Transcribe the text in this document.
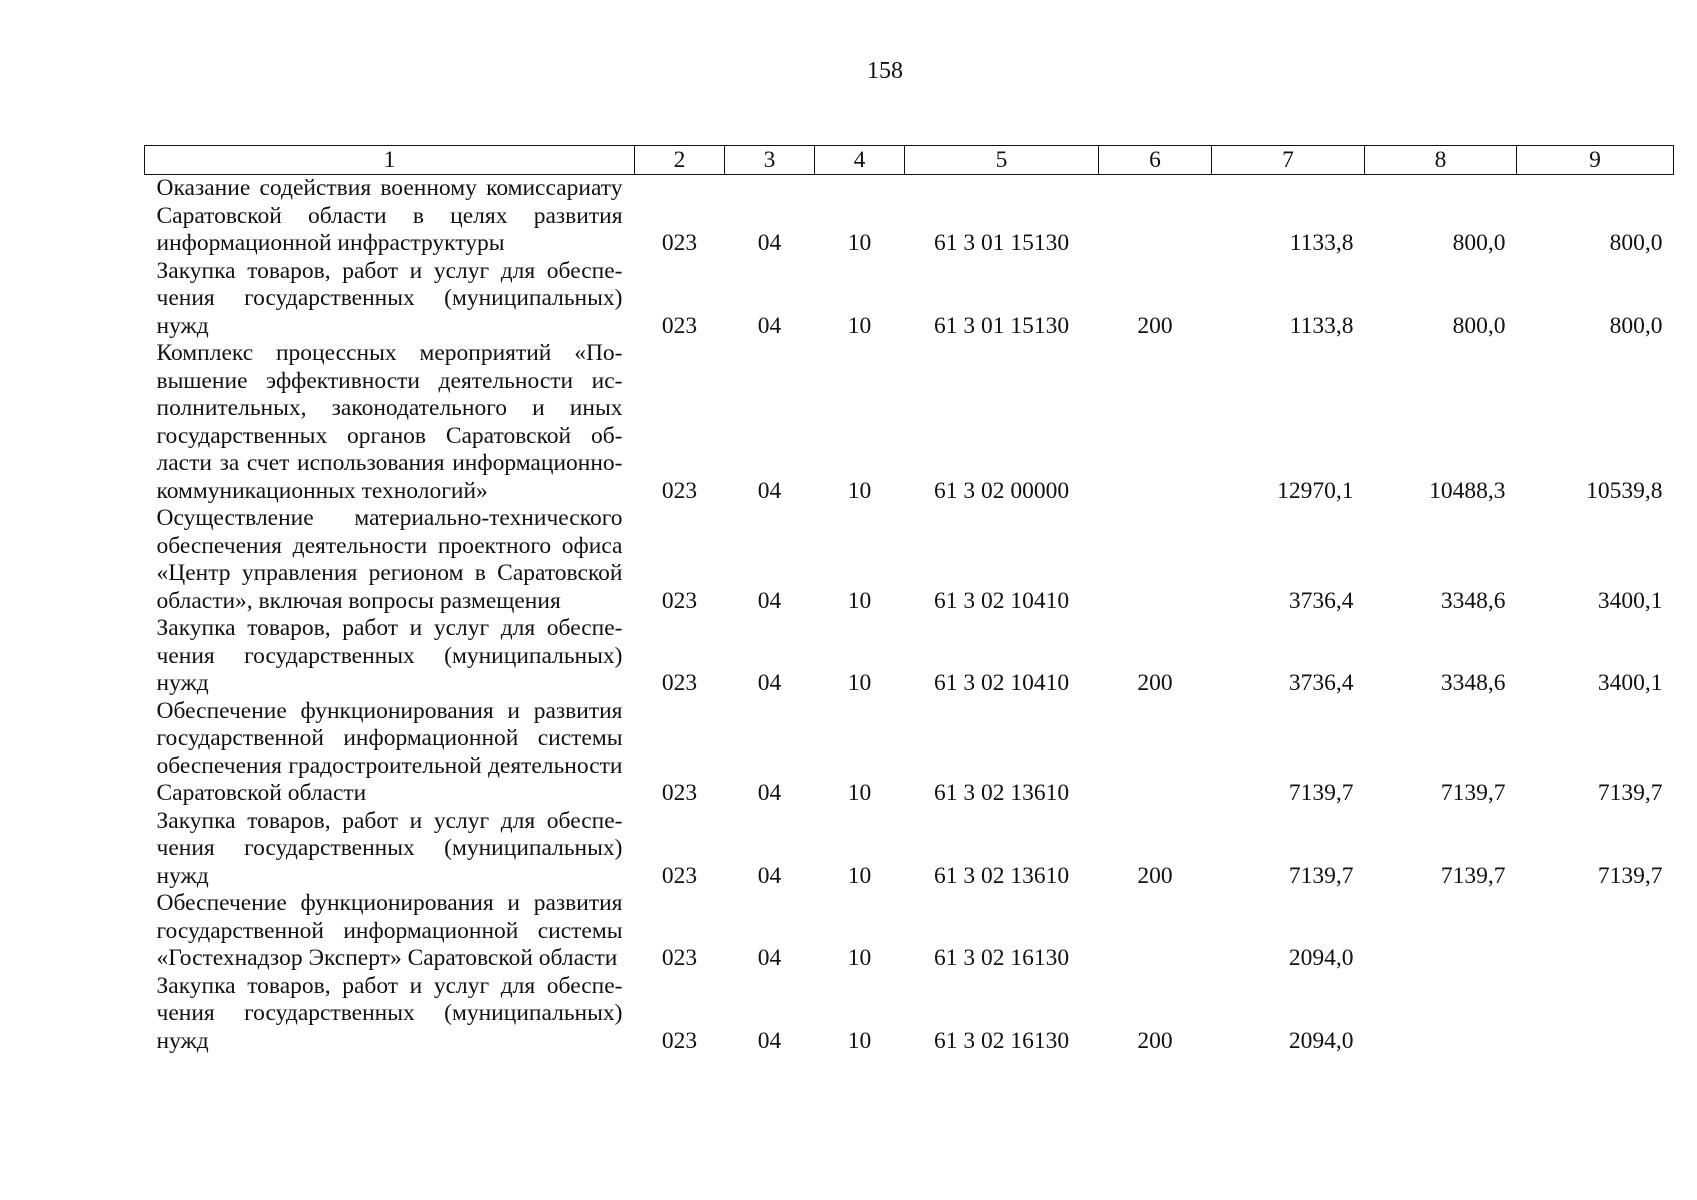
158
1	2	3	4	5	6	7	8	9
Оказание содействия военному комиссариату Саратовской области в целях развития информационной инфраструктуры	023	04	10	61 3 01 15130		1133,8	800,0	800,0
Закупка товаров, работ и услуг для обеспечения государственных (муниципальных) нужд	023	04	10	61 3 01 15130	200	1133,8	800,0	800,0
Комплекс процессных мероприятий «Повышение эффективности деятельности исполнительных, законодательного и иных государственных органов Саратовской области за счет использования информационно-коммуникационных технологий»	023	04	10	61 3 02 00000		12970,1	10488,3	10539,8
Осуществление материально-технического обеспечения деятельности проектного офиса «Центр управления регионом в Саратовской области», включая вопросы размещения	023	04	10	61 3 02 10410		3736,4	3348,6	3400,1
Закупка товаров, работ и услуг для обеспечения государственных (муниципальных) нужд	023	04	10	61 3 02 10410	200	3736,4	3348,6	3400,1
Обеспечение функционирования и развития государственной информационной системы обеспечения градостроительной деятельности Саратовской области	023	04	10	61 3 02 13610		7139,7	7139,7	7139,7
Закупка товаров, работ и услуг для обеспечения государственных (муниципальных) нужд	023	04	10	61 3 02 13610	200	7139,7	7139,7	7139,7
Обеспечение функционирования и развития государственной информационной системы «Гостехнадзор Эксперт» Саратовской области	023	04	10	61 3 02 16130		2094,0		
Закупка товаров, работ и услуг для обеспечения государственных (муниципальных) нужд	023	04	10	61 3 02 16130	200	2094,0		
